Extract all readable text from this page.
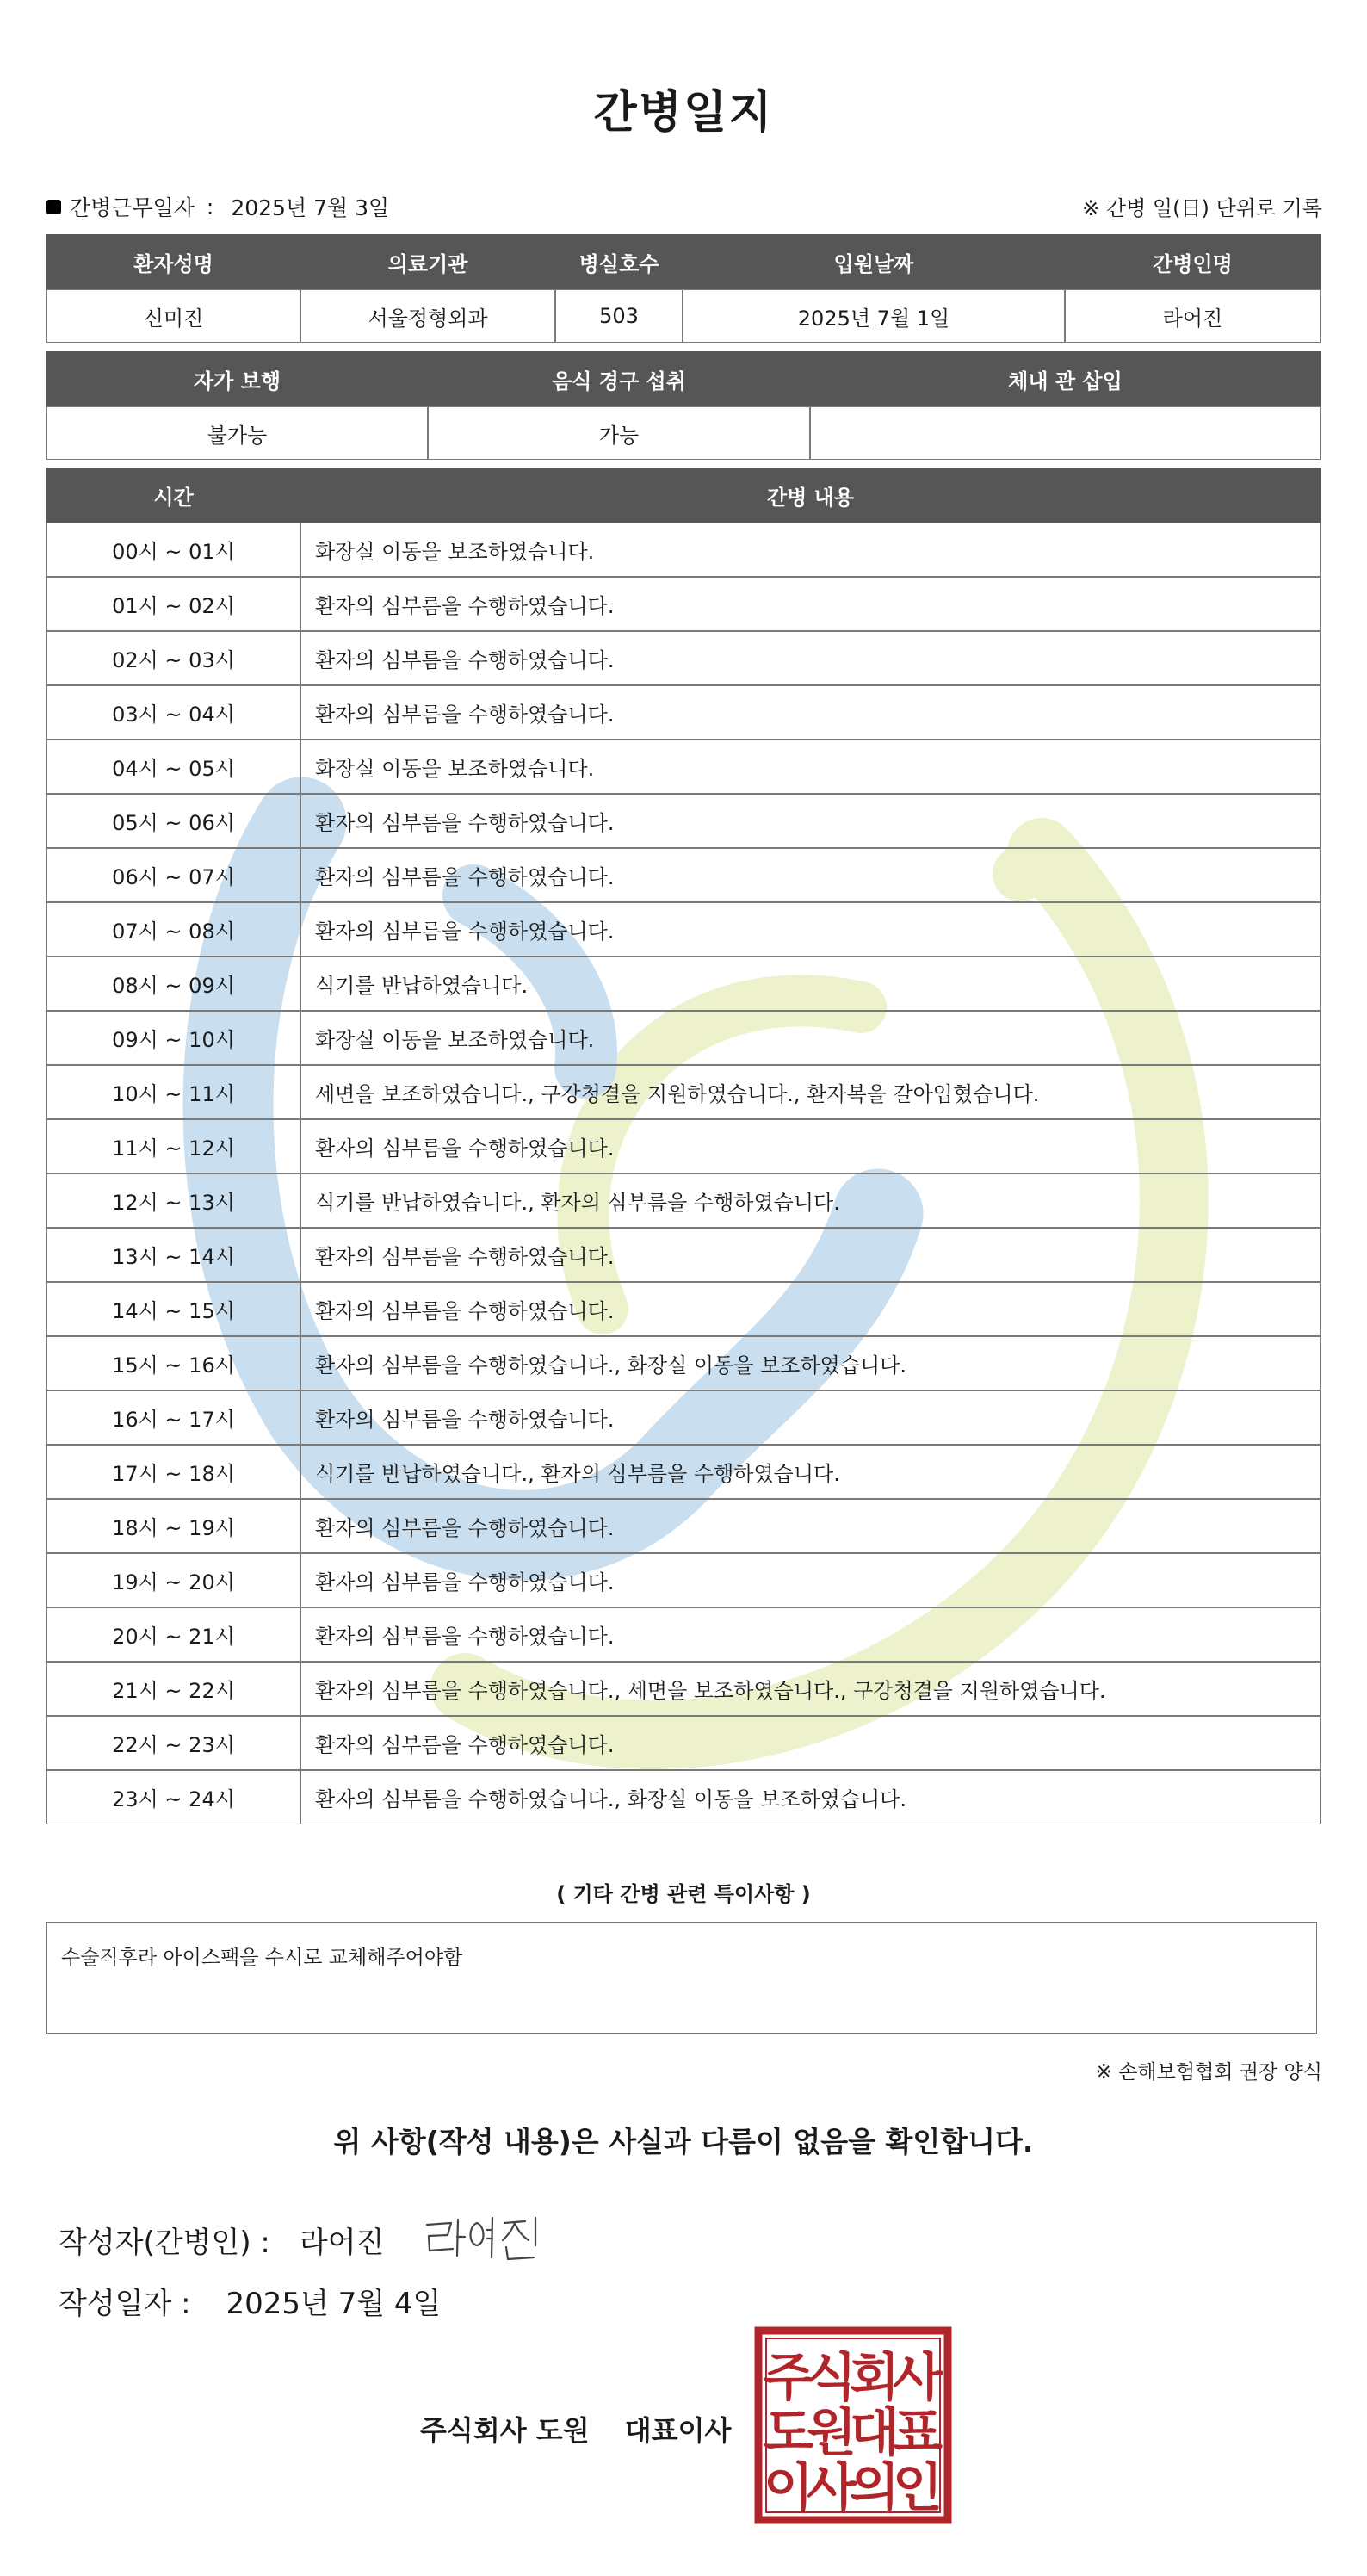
간병일지
간병근무일자 : 2025년 7월 3일	※ 간병 일(日) 단위로 기록
환자성명	의료기관	병실호수	입원날짜	간병인명
신미진	서울정형외과	503	2025년 7월 1일	라어진
자가 보행	음식 경구 섭취	체내 관 삽입
불가능	가능	
시간	간병 내용
00시 ~ 01시	화장실 이동을 보조하였습니다.
01시 ~ 02시	환자의 심부름을 수행하였습니다.
02시 ~ 03시	환자의 심부름을 수행하였습니다.
03시 ~ 04시	환자의 심부름을 수행하였습니다.
04시 ~ 05시	화장실 이동을 보조하였습니다.
05시 ~ 06시	환자의 심부름을 수행하였습니다.
06시 ~ 07시	환자의 심부름을 수행하였습니다.
07시 ~ 08시	환자의 심부름을 수행하였습니다.
08시 ~ 09시	식기를 반납하였습니다.
09시 ~ 10시	화장실 이동을 보조하였습니다.
10시 ~ 11시	세면을 보조하였습니다., 구강청결을 지원하였습니다., 환자복을 갈아입혔습니다.
11시 ~ 12시	환자의 심부름을 수행하였습니다.
12시 ~ 13시	식기를 반납하였습니다., 환자의 심부름을 수행하였습니다.
13시 ~ 14시	환자의 심부름을 수행하였습니다.
14시 ~ 15시	환자의 심부름을 수행하였습니다.
15시 ~ 16시	환자의 심부름을 수행하였습니다., 화장실 이동을 보조하였습니다.
16시 ~ 17시	환자의 심부름을 수행하였습니다.
17시 ~ 18시	식기를 반납하였습니다., 환자의 심부름을 수행하였습니다.
18시 ~ 19시	환자의 심부름을 수행하였습니다.
19시 ~ 20시	환자의 심부름을 수행하였습니다.
20시 ~ 21시	환자의 심부름을 수행하였습니다.
21시 ~ 22시	환자의 심부름을 수행하였습니다., 세면을 보조하였습니다., 구강청결을 지원하였습니다.
22시 ~ 23시	환자의 심부름을 수행하였습니다.
23시 ~ 24시	환자의 심부름을 수행하였습니다., 화장실 이동을 보조하였습니다.
( 기타 간병 관련 특이사항 )
수술직후라 아이스팩을 수시로 교체해주어야함
※ 손해보험협회 권장 양식
위 사항(작성 내용)은 사실과 다름이 없음을 확인합니다.
작성자(간병인) : 라어진
작성일자 : 2025년 7월 4일
주식회사 도원 대표이사
주
식
회
사
도
원
대
표
이
사
의
인
